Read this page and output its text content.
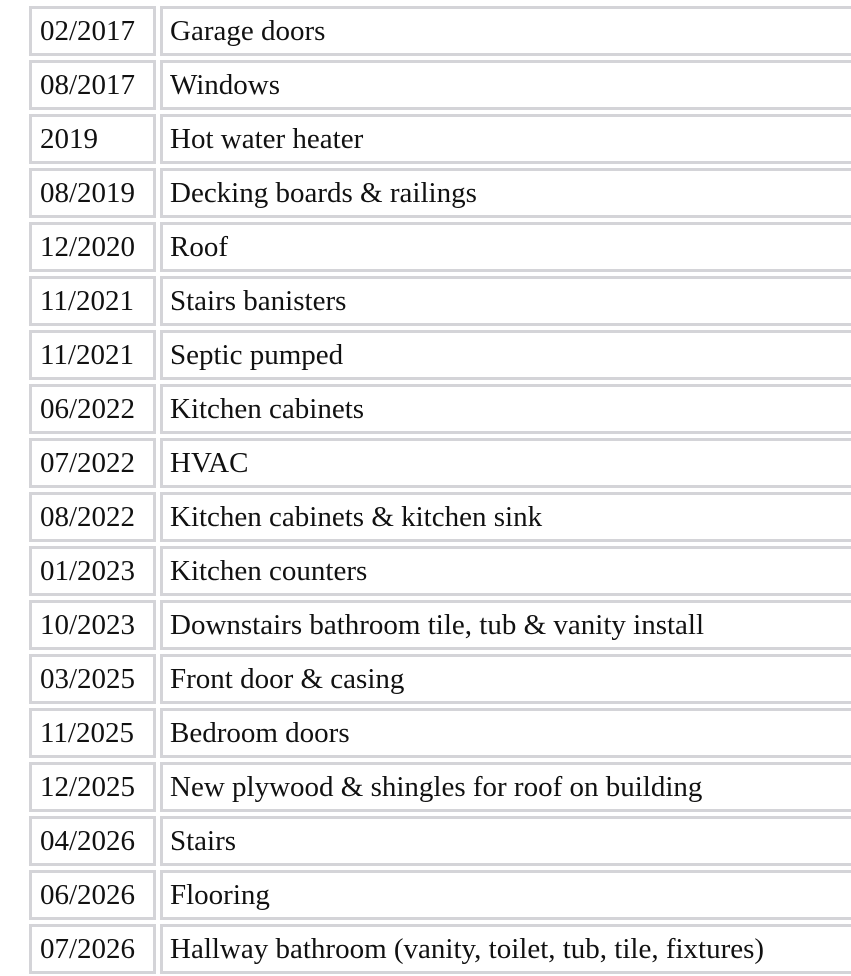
02/2017	Garage doors
08/2017	Windows
2019	Hot water heater
08/2019	Decking boards & railings
12/2020	Roof
11/2021	Stairs banisters
11/2021	Septic pumped
06/2022	Kitchen cabinets
07/2022	HVAC
08/2022	Kitchen cabinets & kitchen sink
01/2023	Kitchen counters
10/2023	Downstairs bathroom tile, tub & vanity install
03/2025	Front door & casing
11/2025	Bedroom doors
12/2025	New plywood & shingles for roof on building
04/2026	Stairs
06/2026	Flooring
07/2026	Hallway bathroom (vanity, toilet, tub, tile, fixtures)
